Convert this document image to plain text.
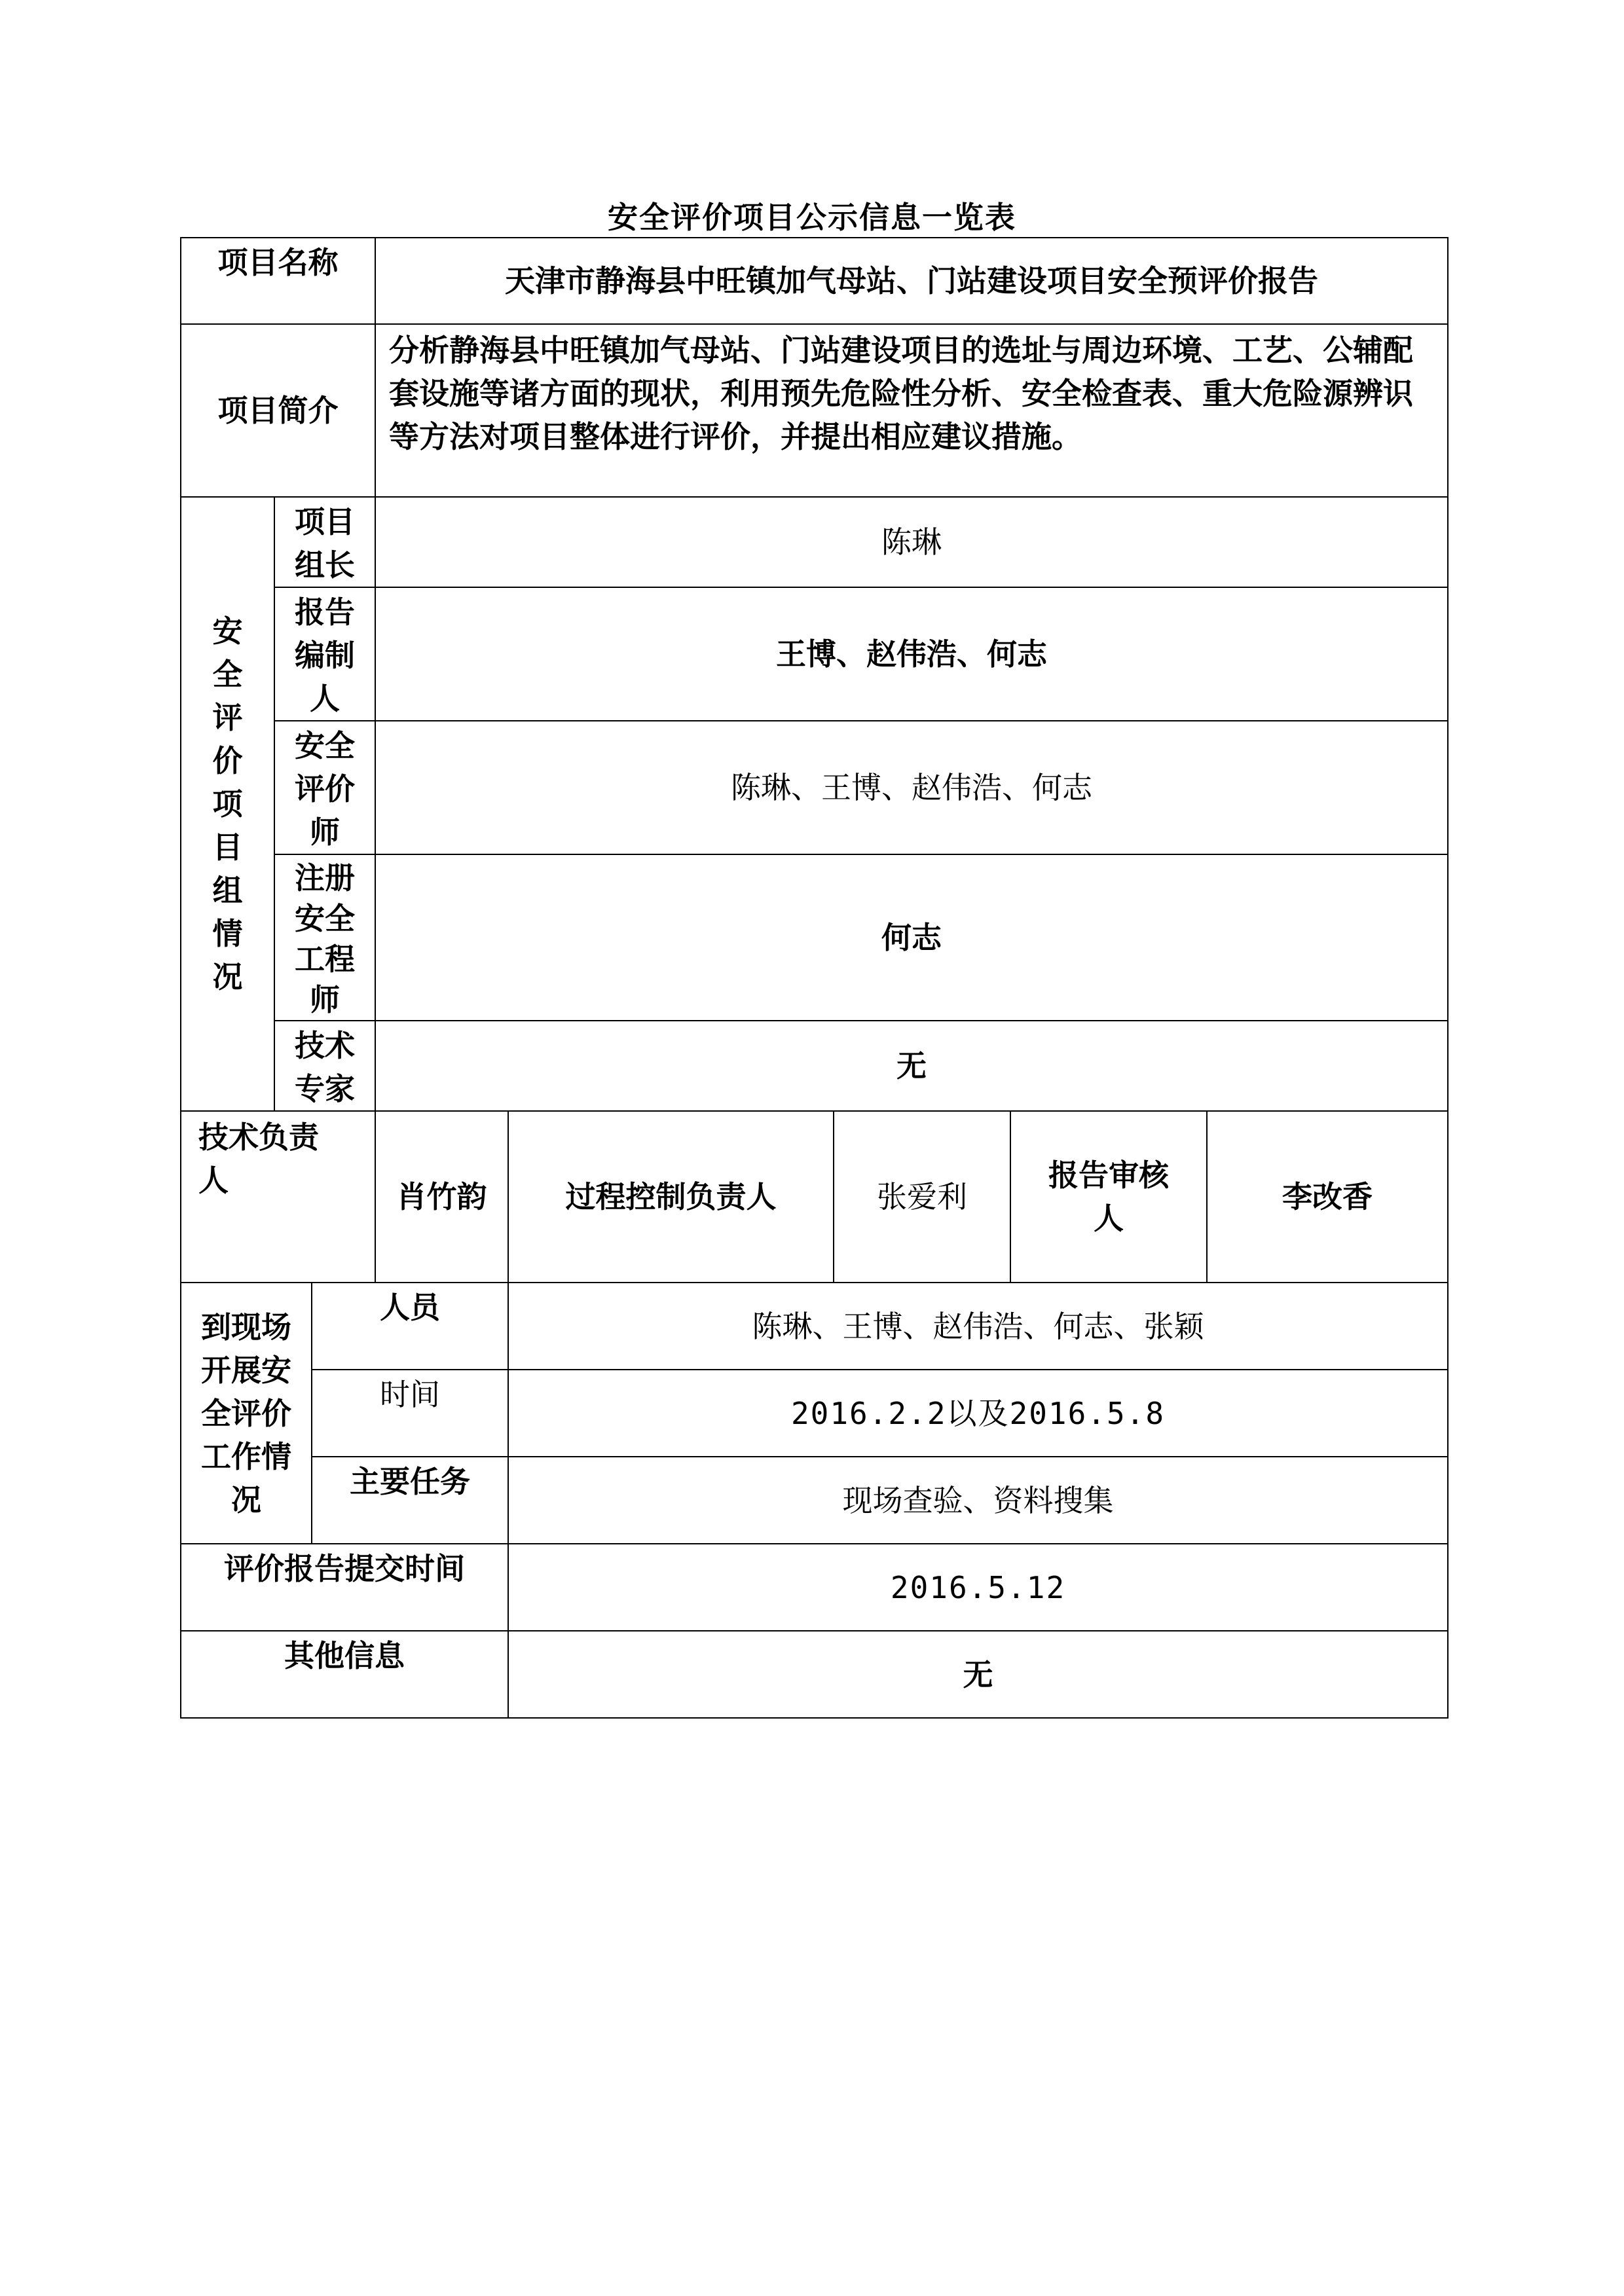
安全评价项目公示信息一览表
项目名称			天津市静海县中旺镇加气母站、门站建设项目安全预评价报告				
项目简介			分析静海县中旺镇加气母站、门站建设项目的选址与周边环境、工艺、公辅配套设施等诸方面的现状，利用预先危险性分析、安全检查表、重大危险源辨识等方法对项目整体进行评价，并提出相应建议措施。				

安全评价项目组情况	项目组长		陈琳				
	报告编制人		王博、赵伟浩、何志				
	安全评价师		陈琳、王博、赵伟浩、何志				
	注册安全工程师		何志				
	技术专家		无				
技术负责人			肖竹韵	过程控制负责人	张爱利	报告审核人	李改香
到现场开展安全评价工作情况		人员		陈琳、王博、赵伟浩、何志、张颖			
		时间		2016.2.2以及2016.5.8			
		主要任务		现场查验、资料搜集			
评价报告提交时间				2016.5.12			
其他信息				无			
